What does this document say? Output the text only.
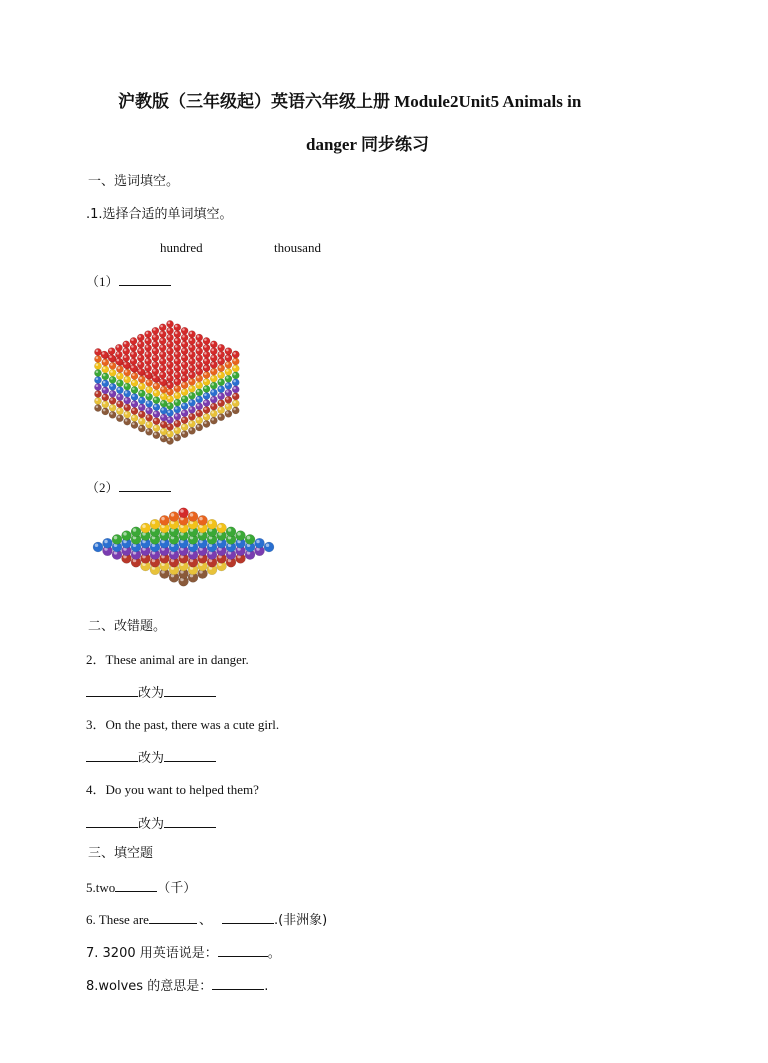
沪教版（三年级起）英语六年级上册 Module2Unit5 Animals in
danger 同步练习
一、选词填空。
.1.选择合适的单词填空。
hundred	thousand
（1）
（2）
二、改错题。
2．These animal are in danger.
改为
3．On the past, there was a cute girl.
改为
4．Do you want to helped them?
改为
三、填空题
5.two	（千）
6. These are	、	.(非洲象)
7. 3200 用英语说是：	。
8.wolves 的意思是：	.
